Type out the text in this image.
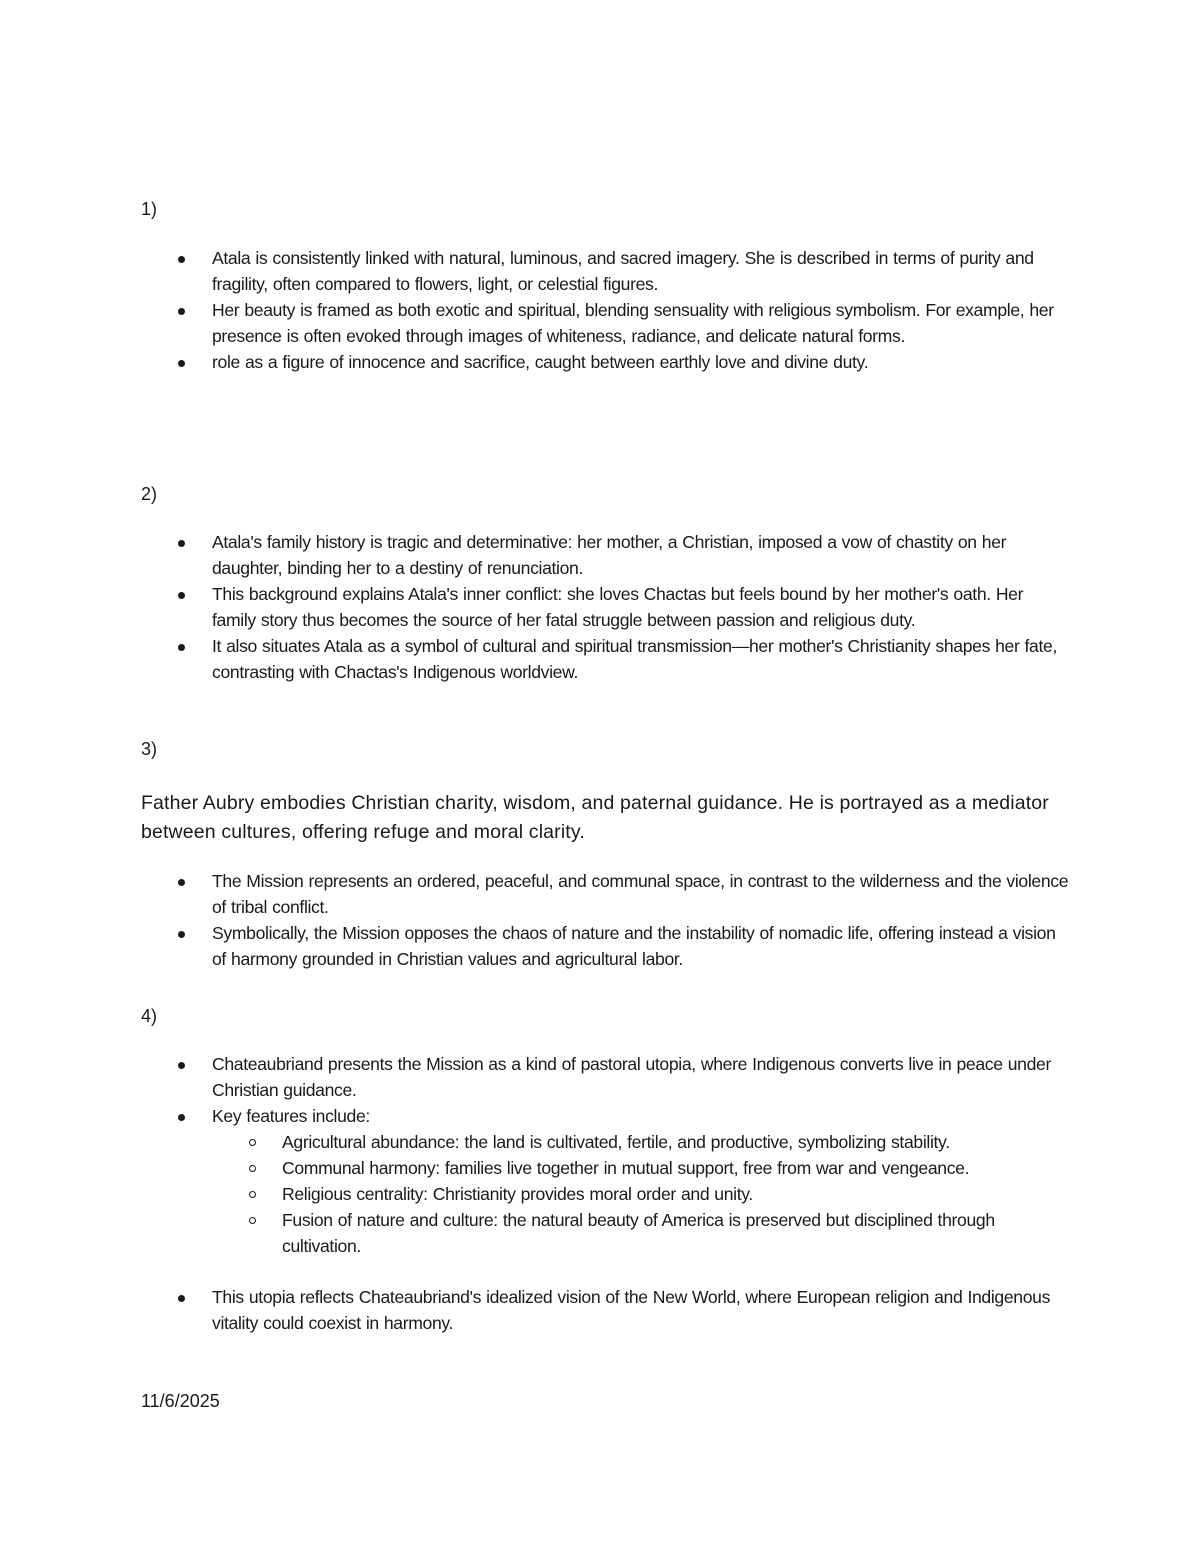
1)

Atala is consistently linked with natural, luminous, and sacred imagery. She is described in terms of purity and fragility, often compared to flowers, light, or celestial figures.
Her beauty is framed as both exotic and spiritual, blending sensuality with religious symbolism. For example, her presence is often evoked through images of whiteness, radiance, and delicate natural forms.
role as a figure of innocence and sacrifice, caught between earthly love and divine duty.

2)

Atala's family history is tragic and determinative: her mother, a Christian, imposed a vow of chastity on her daughter, binding her to a destiny of renunciation.
This background explains Atala's inner conflict: she loves Chactas but feels bound by her mother's oath. Her family story thus becomes the source of her fatal struggle between passion and religious duty.
It also situates Atala as a symbol of cultural and spiritual transmission—her mother's Christianity shapes her fate, contrasting with Chactas's Indigenous worldview.

3)

Father Aubry embodies Christian charity, wisdom, and paternal guidance. He is portrayed as a mediator between cultures, offering refuge and moral clarity.

The Mission represents an ordered, peaceful, and communal space, in contrast to the wilderness and the violence of tribal conflict.
Symbolically, the Mission opposes the chaos of nature and the instability of nomadic life, offering instead a vision of harmony grounded in Christian values and agricultural labor.

4)

Chateaubriand presents the Mission as a kind of pastoral utopia, where Indigenous converts live in peace under Christian guidance.
Key features include:
Agricultural abundance: the land is cultivated, fertile, and productive, symbolizing stability.
Communal harmony: families live together in mutual support, free from war and vengeance.
Religious centrality: Christianity provides moral order and unity.
Fusion of nature and culture: the natural beauty of America is preserved but disciplined through cultivation.
This utopia reflects Chateaubriand's idealized vision of the New World, where European religion and Indigenous vitality could coexist in harmony.

11/6/2025
